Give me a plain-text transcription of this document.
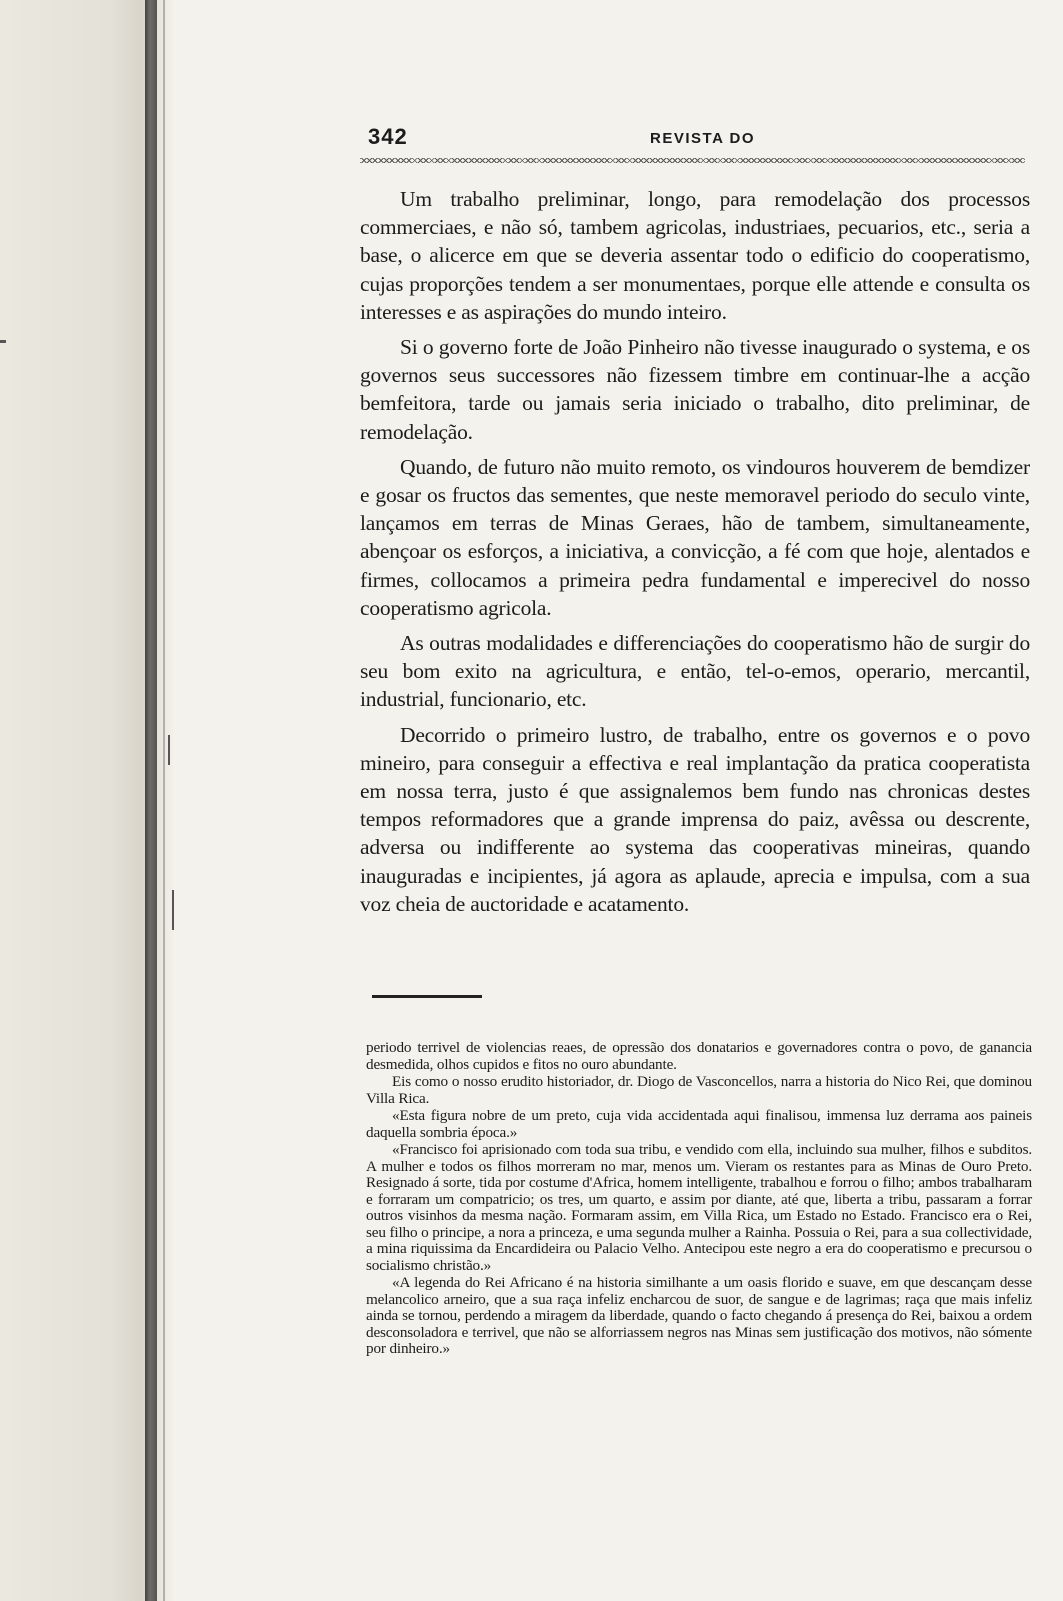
342	REVISTA DO

Um trabalho preliminar, longo, para remodelação dos processos commerciaes, e não só, tambem agricolas, industriaes, pecuarios, etc., seria a base, o alicerce em que se deveria assentar todo o edificio do cooperatismo, cujas proporções tendem a ser monumentaes, porque elle attende e consulta os interesses e as aspirações do mundo inteiro.

Si o governo forte de João Pinheiro não tivesse inaugurado o systema, e os governos seus successores não fizessem timbre em continuar-lhe a acção bemfeitora, tarde ou jamais seria iniciado o trabalho, dito preliminar, de remodelação.

Quando, de futuro não muito remoto, os vindouros houverem de bemdizer e gosar os fructos das sementes, que neste memoravel periodo do seculo vinte, lançamos em terras de Minas Geraes, hão de tambem, simultaneamente, abençoar os esforços, a iniciativa, a convicção, a fé com que hoje, alentados e firmes, collocamos a primeira pedra fundamental e imperecivel do nosso cooperatismo agricola.

As outras modalidades e differenciações do cooperatismo hão de surgir do seu bom exito na agricultura, e então, tel-o-emos, operario, mercantil, industrial, funcionario, etc.

Decorrido o primeiro lustro, de trabalho, entre os governos e o povo mineiro, para conseguir a effectiva e real implantação da pratica cooperatista em nossa terra, justo é que assignalemos bem fundo nas chronicas destes tempos reformadores que a grande imprensa do paiz, avêssa ou descrente, adversa ou indifferente ao systema das cooperativas mineiras, quando inauguradas e incipientes, já agora as aplaude, aprecia e impulsa, com a sua voz cheia de auctoridade e acatamento.

periodo terrivel de violencias reaes, de opressão dos donatarios e governadores contra o povo, de ganancia desmedida, olhos cupidos e fitos no ouro abundante.

Eis como o nosso erudito historiador, dr. Diogo de Vasconcellos, narra a historia do Nico Rei, que dominou Villa Rica.

«Esta figura nobre de um preto, cuja vida accidentada aqui finalisou, immensa luz derrama aos paineis daquella sombria época.»

«Francisco foi aprisionado com toda sua tribu, e vendido com ella, incluindo sua mulher, filhos e subditos. A mulher e todos os filhos morreram no mar, menos um. Vieram os restantes para as Minas de Ouro Preto. Resignado á sorte, tida por costume d'Africa, homem intelligente, trabalhou e forrou o filho; ambos trabalharam e forraram um compatricio; os tres, um quarto, e assim por diante, até que, liberta a tribu, passaram a forrar outros visinhos da mesma nação. Formaram assim, em Villa Rica, um Estado no Estado. Francisco era o Rei, seu filho o principe, a nora a princeza, e uma segunda mulher a Rainha. Possuia o Rei, para a sua collectividade, a mina riquissima da Encardideira ou Palacio Velho. Antecipou este negro a era do cooperatismo e precursou o socialismo christão.»

«A legenda do Rei Africano é na historia similhante a um oasis florido e suave, em que descançam desse melancolico arneiro, que a sua raça infeliz encharcou de suor, de sangue e de lagrimas; raça que mais infeliz ainda se tornou, perdendo a miragem da liberdade, quando o facto chegando á presença do Rei, baixou a ordem desconsoladora e terrivel, que não se alforriassem negros nas Minas sem justificação dos motivos, não sómente por dinheiro.»
